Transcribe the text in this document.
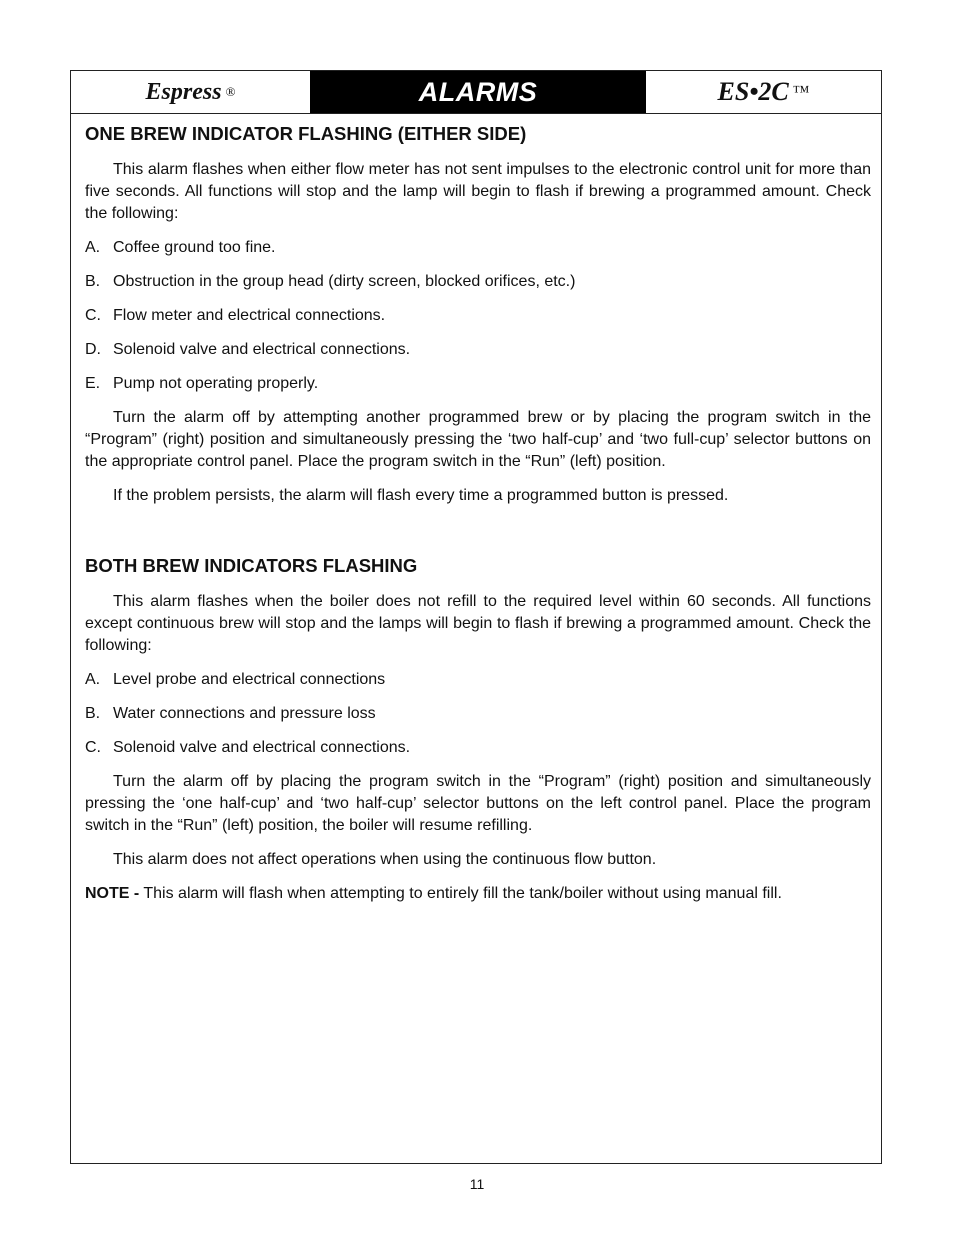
Espress ®	ALARMS	ES•2C ™
ONE BREW INDICATOR FLASHING (EITHER SIDE)

This alarm flashes when either flow meter has not sent impulses to the electronic control unit for more than five seconds. All functions will stop and the lamp will begin to flash if brewing a programmed amount. Check the following:

A. Coffee ground too fine.
B. Obstruction in the group head (dirty screen, blocked orifices, etc.)
C. Flow meter and electrical connections.
D. Solenoid valve and electrical connections.
E. Pump not operating properly.

Turn the alarm off by attempting another programmed brew or by placing the program switch in the “Program” (right) position and simultaneously pressing the ‘two half-cup’ and ‘two full-cup’ selector buttons on the appropriate control panel. Place the program switch in the “Run” (left) position.

If the problem persists, the alarm will flash every time a programmed button is pressed.

BOTH BREW INDICATORS FLASHING

This alarm flashes when the boiler does not refill to the required level within 60 seconds. All functions except continuous brew will stop and the lamps will begin to flash if brewing a programmed amount. Check the following:

A. Level probe and electrical connections
B. Water connections and pressure loss
C. Solenoid valve and electrical connections.

Turn the alarm off by placing the program switch in the “Program” (right) position and simultaneously pressing the ‘one half-cup’ and ‘two half-cup’ selector buttons on the left control panel. Place the program switch in the “Run” (left) position, the boiler will resume refilling.

This alarm does not affect operations when using the continuous flow button.

NOTE - This alarm will flash when attempting to entirely fill the tank/boiler without using manual fill.

11
